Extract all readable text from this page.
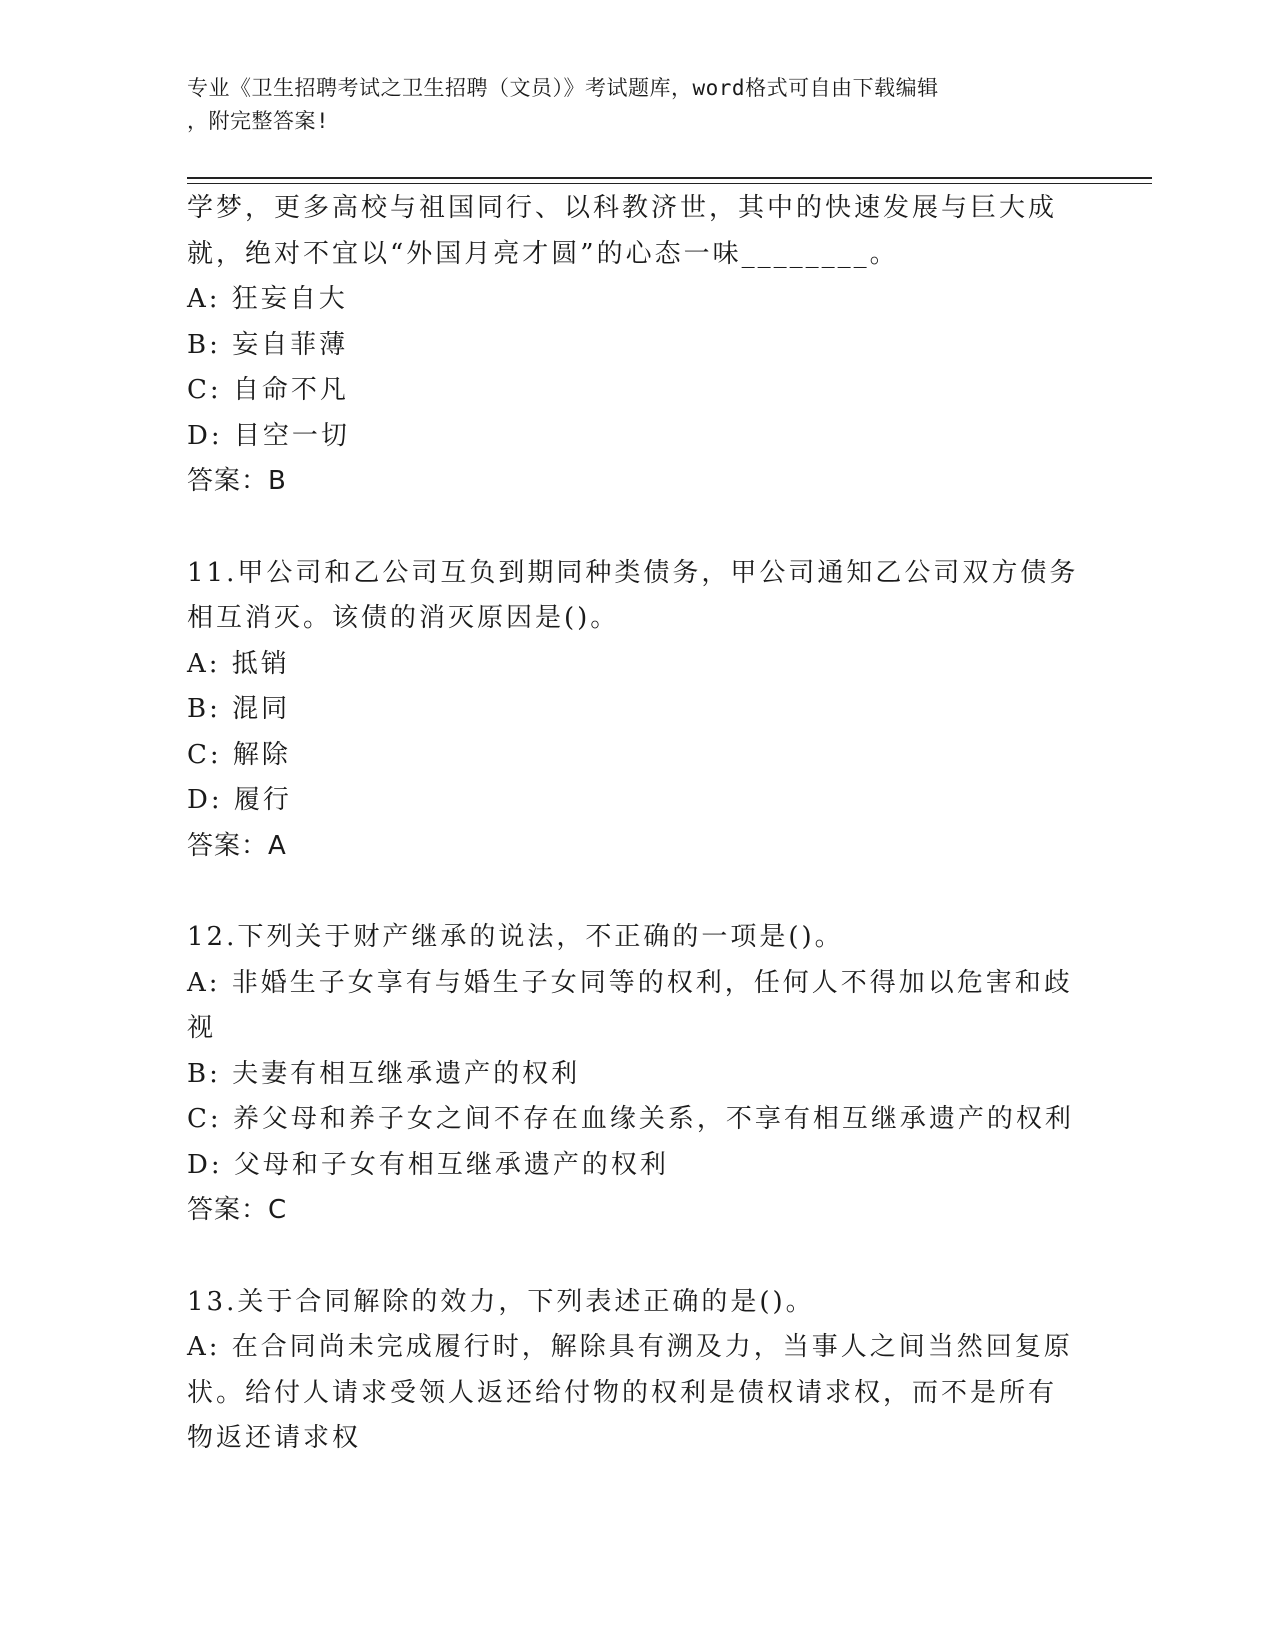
专业《卫生招聘考试之卫生招聘（文员）》考试题库，word格式可自由下载编辑
，附完整答案!
学梦，更多高校与祖国同行、以科教济世，其中的快速发展与巨大成
就，绝对不宜以“外国月亮才圆”的心态一味________。
A: 狂妄自大
B: 妄自菲薄
C: 自命不凡
D: 目空一切
答案：B
11.甲公司和乙公司互负到期同种类债务，甲公司通知乙公司双方债务
相互消灭。该债的消灭原因是()。
A: 抵销
B: 混同
C: 解除
D: 履行
答案：A
12.下列关于财产继承的说法，不正确的一项是()。
A: 非婚生子女享有与婚生子女同等的权利，任何人不得加以危害和歧
视
B: 夫妻有相互继承遗产的权利
C: 养父母和养子女之间不存在血缘关系，不享有相互继承遗产的权利
D: 父母和子女有相互继承遗产的权利
答案：C
13.关于合同解除的效力，下列表述正确的是()。
A: 在合同尚未完成履行时，解除具有溯及力，当事人之间当然回复原
状。给付人请求受领人返还给付物的权利是债权请求权，而不是所有
物返还请求权
